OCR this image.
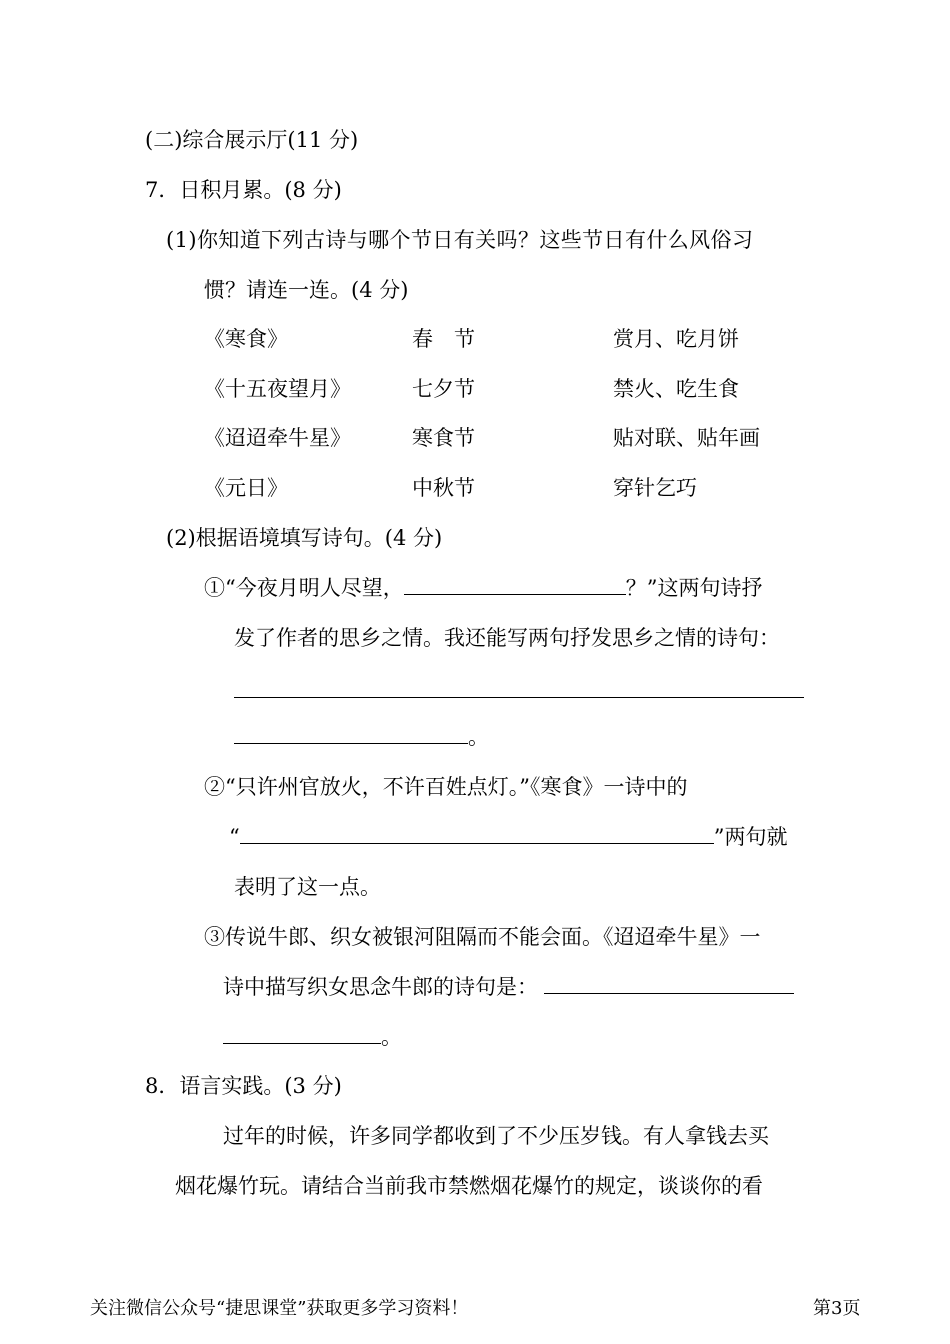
(二)综合展示厅(11 分)
7．日积月累。(8 分)
(1)你知道下列古诗与哪个节日有关吗？这些节日有什么风俗习
惯？请连一连。(4 分)
《寒食》	春　节	赏月、吃月饼
《十五夜望月》	七夕节	禁火、吃生食
《迢迢牵牛星》	寒食节	贴对联、贴年画
《元日》	中秋节	穿针乞巧
(2)根据语境填写诗句。(4 分)
①“今夜月明人尽望，	？”这两句诗抒
发了作者的思乡之情。我还能写两句抒发思乡之情的诗句：
。
②“只许州官放火，不许百姓点灯。”《寒食》一诗中的
“	”两句就
表明了这一点。
③传说牛郎、织女被银河阻隔而不能会面。《迢迢牵牛星》一
诗中描写织女思念牛郎的诗句是：
。
8．语言实践。(3 分)
过年的时候，许多同学都收到了不少压岁钱。有人拿钱去买
烟花爆竹玩。请结合当前我市禁燃烟花爆竹的规定，谈谈你的看
关注微信公众号“捷思课堂”获取更多学习资料！	第3页
